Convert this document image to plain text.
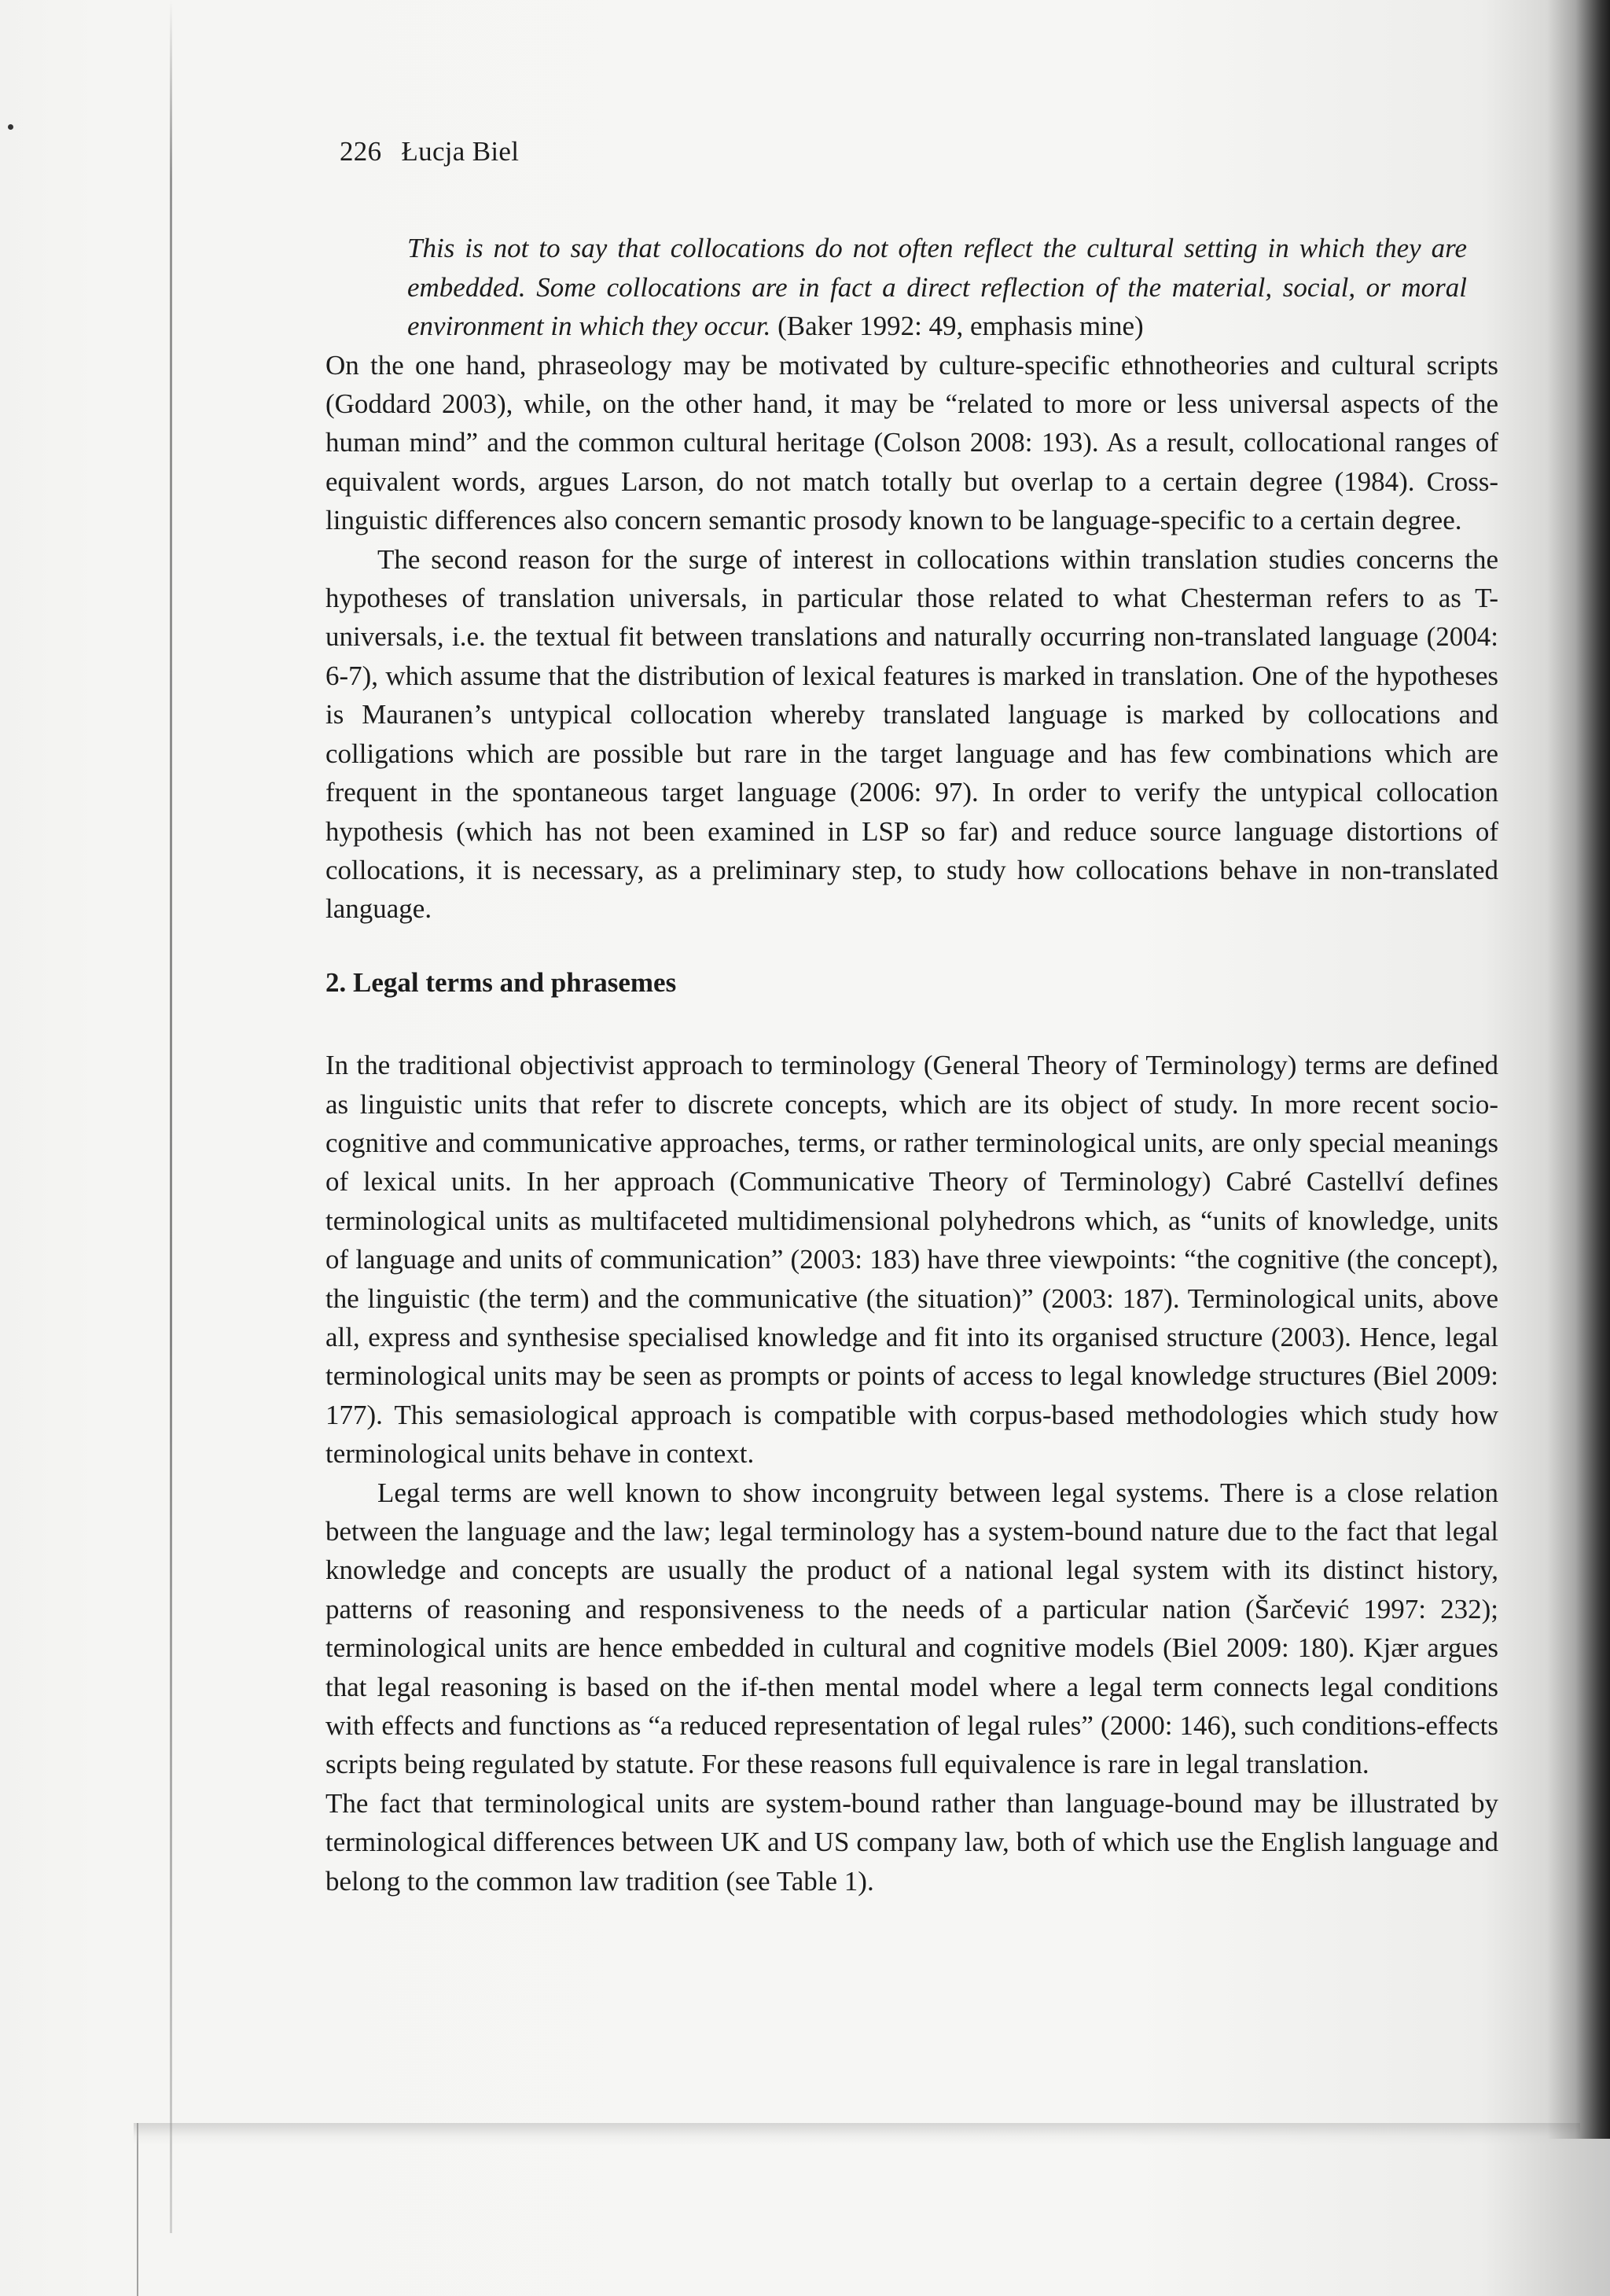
226 Łucja Biel
This is not to say that collocations do not often reflect the cultural setting in which they are embedded. Some collocations are in fact a direct reflection of the material, social, or moral environment in which they occur. (Baker 1992: 49, emphasis mine)

On the one hand, phraseology may be motivated by culture-specific ethnotheories and cultural scripts (Goddard 2003), while, on the other hand, it may be “related to more or less universal aspects of the human mind” and the common cultural heritage (Colson 2008: 193). As a result, collocational ranges of equivalent words, argues Larson, do not match totally but overlap to a certain degree (1984). Cross-linguistic differences also concern semantic prosody known to be language-specific to a certain degree.

The second reason for the surge of interest in collocations within translation studies concerns the hypotheses of translation universals, in particular those related to what Chesterman refers to as T-universals, i.e. the textual fit between translations and naturally occurring non-translated language (2004: 6-7), which assume that the distribution of lexical features is marked in translation. One of the hypotheses is Mauranen’s untypical collocation whereby translated language is marked by collocations and colligations which are possible but rare in the target language and has few combinations which are frequent in the spontaneous target language (2006: 97). In order to verify the untypical collocation hypothesis (which has not been examined in LSP so far) and reduce source language distortions of collocations, it is necessary, as a preliminary step, to study how collocations behave in non-translated language.

2. Legal terms and phrasemes

In the traditional objectivist approach to terminology (General Theory of Terminology) terms are defined as linguistic units that refer to discrete concepts, which are its object of study. In more recent socio-cognitive and communicative approaches, terms, or rather terminological units, are only special meanings of lexical units. In her approach (Communicative Theory of Terminology) Cabré Castellví defines terminological units as multifaceted multidimensional polyhedrons which, as “units of knowledge, units of language and units of communication” (2003: 183) have three viewpoints: “the cognitive (the concept), the linguistic (the term) and the communicative (the situation)” (2003: 187). Terminological units, above all, express and synthesise specialised knowledge and fit into its organised structure (2003). Hence, legal terminological units may be seen as prompts or points of access to legal knowledge structures (Biel 2009: 177). This semasiological approach is compatible with corpus-based methodologies which study how terminological units behave in context.

Legal terms are well known to show incongruity between legal systems. There is a close relation between the language and the law; legal terminology has a system-bound nature due to the fact that legal knowledge and concepts are usually the product of a national legal system with its distinct history, patterns of reasoning and responsiveness to the needs of a particular nation (Šarčević 1997: 232); terminological units are hence embedded in cultural and cognitive models (Biel 2009: 180). Kjær argues that legal reasoning is based on the if-then mental model where a legal term connects legal conditions with effects and functions as “a reduced representation of legal rules” (2000: 146), such conditions-effects scripts being regulated by statute. For these reasons full equivalence is rare in legal translation.

The fact that terminological units are system-bound rather than language-bound may be illustrated by terminological differences between UK and US company law, both of which use the English language and belong to the common law tradition (see Table 1).
